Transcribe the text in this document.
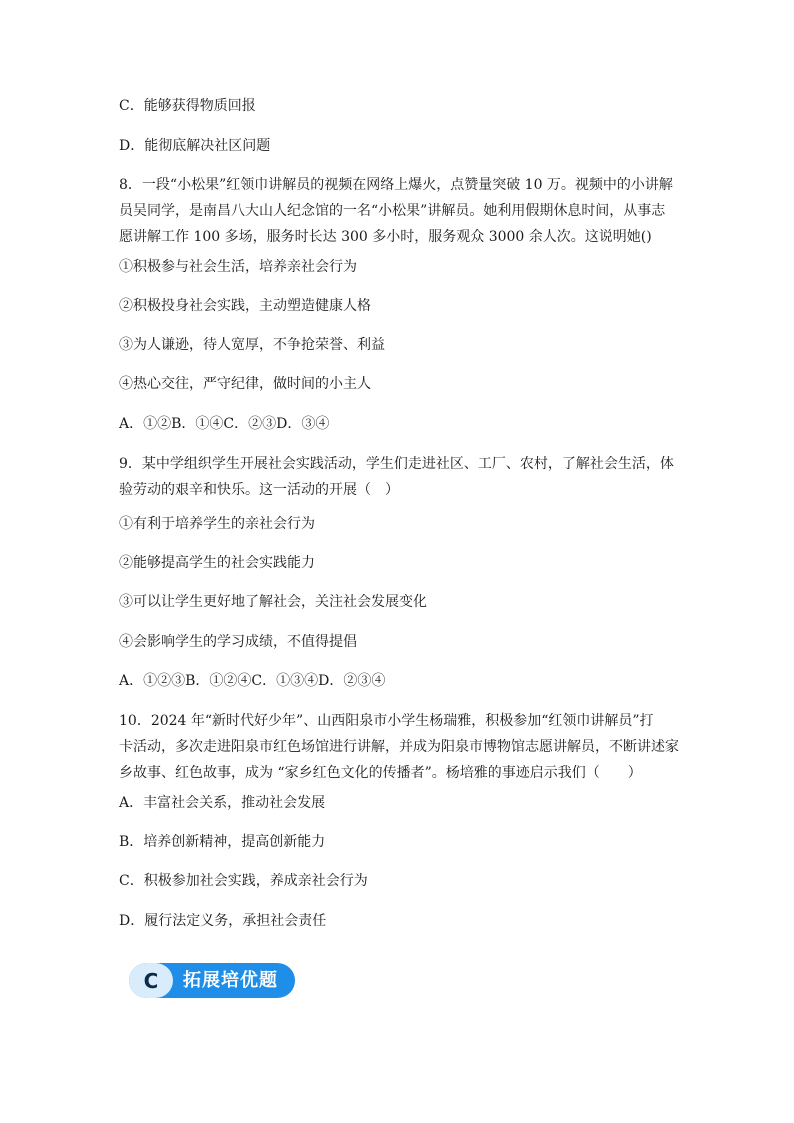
C．能够获得物质回报
D．能彻底解决社区问题
8．一段“小松果”红领巾讲解员的视频在网络上爆火，点赞量突破 10 万。视频中的小讲解
员吴同学，是南昌八大山人纪念馆的一名“小松果”讲解员。她利用假期休息时间，从事志
愿讲解工作 100 多场，服务时长达 300 多小时，服务观众 3000 余人次。这说明她()
①积极参与社会生活，培养亲社会行为
②积极投身社会实践，主动塑造健康人格
③为人谦逊，待人宽厚，不争抢荣誉、利益
④热心交往，严守纪律，做时间的小主人
A．①②B．①④C．②③D．③④
9．某中学组织学生开展社会实践活动，学生们走进社区、工厂、农村，了解社会生活，体
验劳动的艰辛和快乐。这一活动的开展（　）
①有利于培养学生的亲社会行为
②能够提高学生的社会实践能力
③可以让学生更好地了解社会，关注社会发展变化
④会影响学生的学习成绩，不值得提倡
A．①②③B．①②④C．①③④D．②③④
10．2024 年“新时代好少年”、山西阳泉市小学生杨瑞雅，积极参加“红领巾讲解员”打
卡活动，多次走进阳泉市红色场馆进行讲解，并成为阳泉市博物馆志愿讲解员，不断讲述家
乡故事、红色故事，成为 “家乡红色文化的传播者”。杨培雅的事迹启示我们（　　）
A．丰富社会关系，推动社会发展
B．培养创新精神，提高创新能力
C．积极参加社会实践，养成亲社会行为
D．履行法定义务，承担社会责任
C 拓展培优题
